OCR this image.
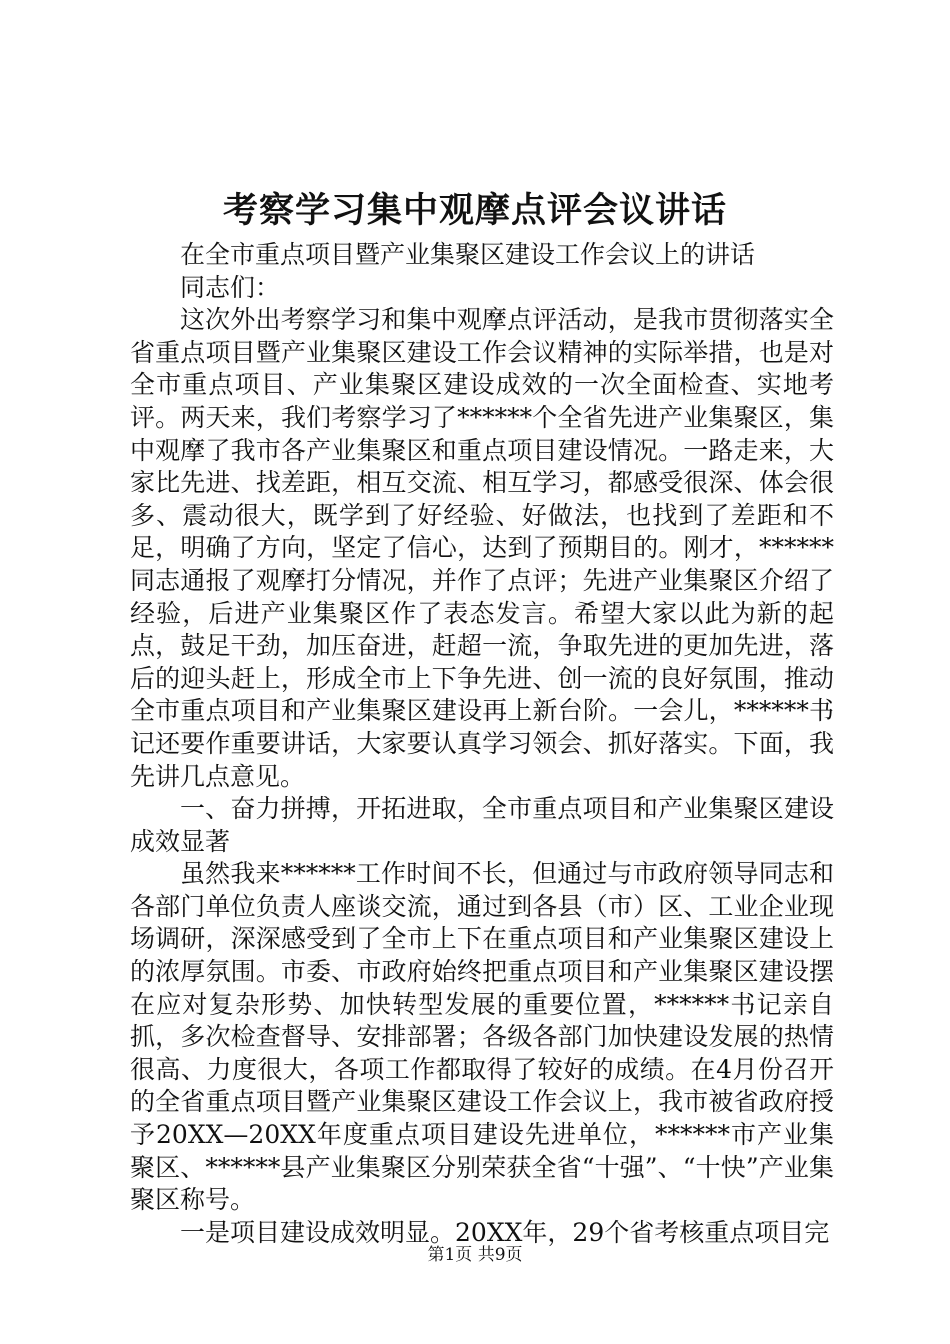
考察学习集中观摩点评会议讲话

在全市重点项目暨产业集聚区建设工作会议上的讲话

同志们：

这次外出考察学习和集中观摩点评活动，是我市贯彻落实全省重点项目暨产业集聚区建设工作会议精神的实际举措，也是对全市重点项目、产业集聚区建设成效的一次全面检查、实地考评。两天来，我们考察学习了******个全省先进产业集聚区，集中观摩了我市各产业集聚区和重点项目建设情况。一路走来，大家比先进、找差距，相互交流、相互学习，都感受很深、体会很多、震动很大，既学到了好经验、好做法，也找到了差距和不足，明确了方向，坚定了信心，达到了预期目的。刚才，******同志通报了观摩打分情况，并作了点评；先进产业集聚区介绍了经验，后进产业集聚区作了表态发言。希望大家以此为新的起点，鼓足干劲，加压奋进，赶超一流，争取先进的更加先进，落后的迎头赶上，形成全市上下争先进、创一流的良好氛围，推动全市重点项目和产业集聚区建设再上新台阶。一会儿，******书记还要作重要讲话，大家要认真学习领会、抓好落实。下面，我先讲几点意见。

一、奋力拼搏，开拓进取，全市重点项目和产业集聚区建设成效显著

虽然我来******工作时间不长，但通过与市政府领导同志和各部门单位负责人座谈交流，通过到各县（市）区、工业企业现场调研，深深感受到了全市上下在重点项目和产业集聚区建设上的浓厚氛围。市委、市政府始终把重点项目和产业集聚区建设摆在应对复杂形势、加快转型发展的重要位置，******书记亲自抓，多次检查督导、安排部署；各级各部门加快建设发展的热情很高、力度很大，各项工作都取得了较好的成绩。在4月份召开的全省重点项目暨产业集聚区建设工作会议上，我市被省政府授予20XX—20XX年度重点项目建设先进单位，******市产业集聚区、******县产业集聚区分别荣获全省“十强”、“十快”产业集聚区称号。

一是项目建设成效明显。20XX年，29个省考核重点项目完

第1页 共9页
